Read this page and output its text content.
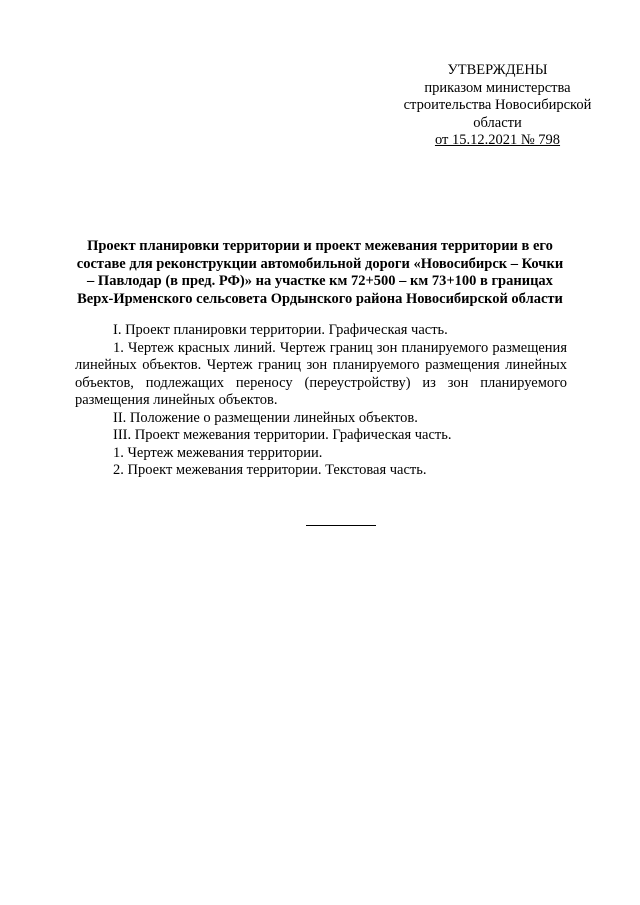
УТВЕРЖДЕНЫ
приказом министерства
строительства Новосибирской
области
от 15.12.2021 № 798
Проект планировки территории и проект межевания территории в его составе для реконструкции автомобильной дороги «Новосибирск – Кочки – Павлодар (в пред. РФ)» на участке км 72+500 – км 73+100 в границах Верх-Ирменского сельсовета Ордынского района Новосибирской области

I. Проект планировки территории. Графическая часть.

1. Чертеж красных линий. Чертеж границ зон планируемого размещения линейных объектов. Чертеж границ зон планируемого размещения линейных объектов, подлежащих переносу (переустройству) из зон планируемого размещения линейных объектов.

II. Положение о размещении линейных объектов.

III. Проект межевания территории. Графическая часть.

1. Чертеж межевания территории.

2. Проект межевания территории. Текстовая часть.
